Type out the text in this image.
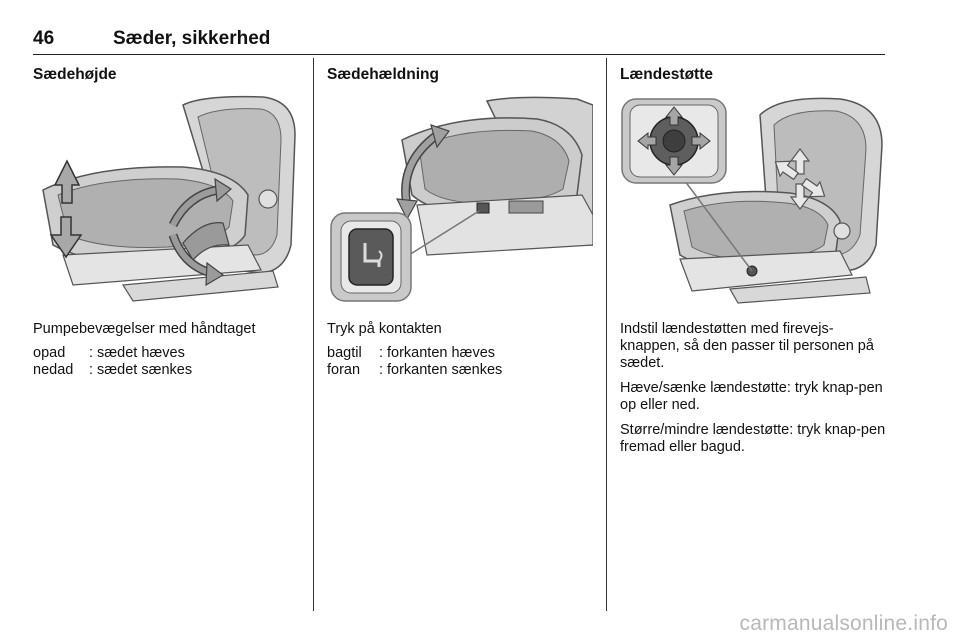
46	Sæder, sikkerhed
Sædehøjde
Pumpebevægelser med håndtaget
opad	: sædet hæves
nedad	: sædet sænkes
Sædehældning
Tryk på kontakten
bagtil	: forkanten hæves
foran	: forkanten sænkes
Lændestøtte

Indstil lændestøtten med firevejs-knappen, så den passer til personen på sædet.

Hæve/sænke lændestøtte: tryk knap-pen op eller ned.

Større/mindre lændestøtte: tryk knap-pen fremad eller bagud.

carmanualsonline.info
